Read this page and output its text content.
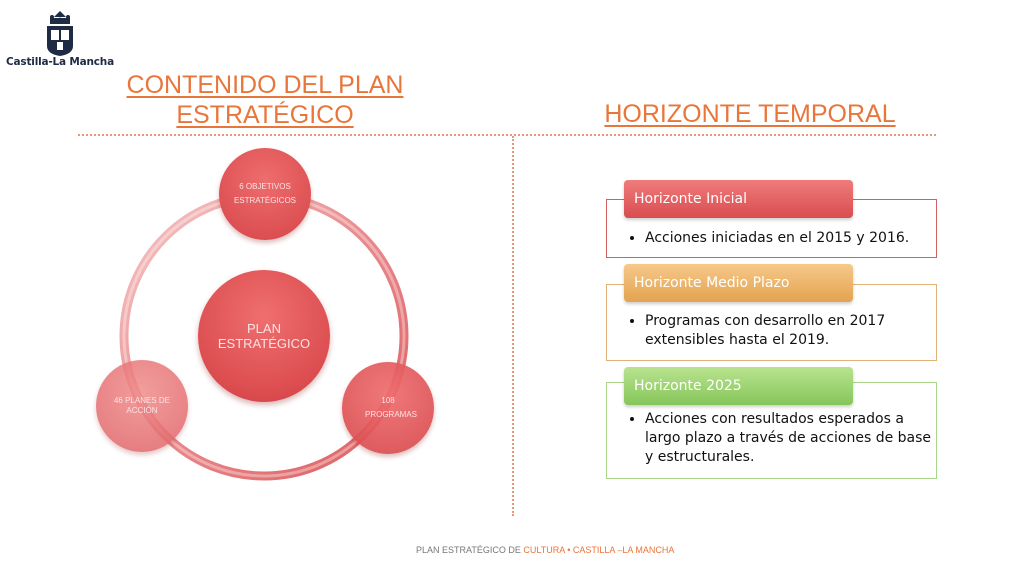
Castilla-La Mancha
CONTENIDO DEL PLAN ESTRATÉGICO	HORIZONTE TEMPORAL
PLAN ESTRATÉGICO
6 OBJETIVOS ESTRATÉGICOS
108 PROGRAMAS
46 PLANES DE ACCIÓN
• Acciones iniciadas en el 2015 y 2016.
Horizonte Inicial
• Programas con desarrollo en 2017 extensibles hasta el 2019.
Horizonte Medio Plazo
• Acciones con resultados esperados a largo plazo a través de acciones de base y estructurales.
Horizonte 2025
PLAN ESTRATÉGICO DE CULTURA • CASTILLA –LA MANCHA
